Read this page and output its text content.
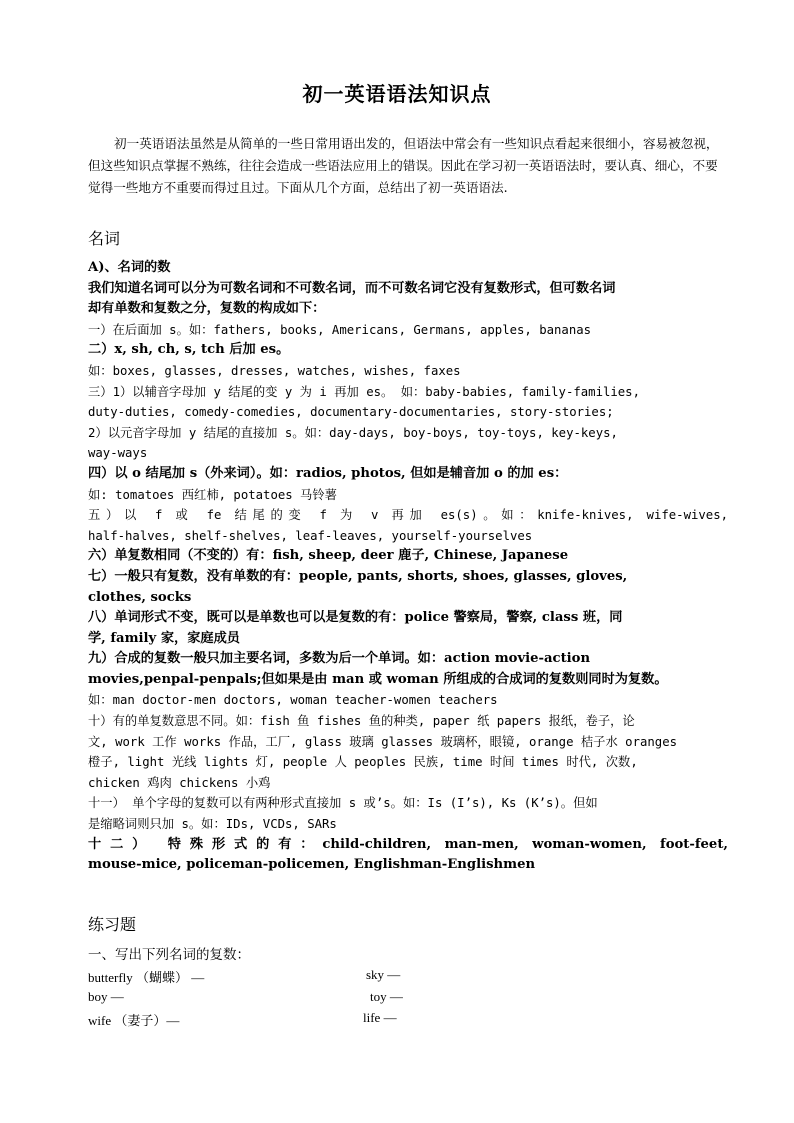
初一英语语法知识点
初一英语语法虽然是从简单的一些日常用语出发的，但语法中常会有一些知识点看起来很细小，容易被忽视，但这些知识点掌握不熟练，往往会造成一些语法应用上的错误。因此在学习初一英语语法时，要认真、细心，不要觉得一些地方不重要而得过且过。下面从几个方面，总结出了初一英语语法.
名词
A)、名词的数
我们知道名词可以分为可数名词和不可数名词，而不可数名词它没有复数形式，但可数名词
却有单数和复数之分，复数的构成如下：
一）在后面加 s。如：fathers, books, Americans, Germans, apples, bananas
二）x, sh, ch, s, tch 后加 es。
如：boxes, glasses, dresses, watches, wishes, faxes
三）1）以辅音字母加 y 结尾的变 y 为 i 再加 es。 如：baby-babies, family-families,
duty-duties, comedy-comedies, documentary-documentaries, story-stories;
2）以元音字母加 y 结尾的直接加 s。如：day-days, boy-boys, toy-toys, key-keys,
way-ways
四）以 o 结尾加 s（外来词）。如：radios, photos, 但如是辅音加 o 的加 es：
如: tomatoes 西红柿, potatoes 马铃薯
五）以 f 或 fe 结尾的变 f 为 v 再加 es(s)。如：knife-knives, wife-wives,
half-halves, shelf-shelves, leaf-leaves, yourself-yourselves
六）单复数相同（不变的）有：fish, sheep, deer 鹿子, Chinese, Japanese
七）一般只有复数，没有单数的有：people, pants, shorts, shoes, glasses, gloves,
clothes, socks
八）单词形式不变，既可以是单数也可以是复数的有：police 警察局，警察, class 班，同
学, family 家，家庭成员
九）合成的复数一般只加主要名词，多数为后一个单词。如：action movie-action
movies,penpal-penpals;但如果是由 man 或 woman 所组成的合成词的复数则同时为复数。
如：man doctor-men doctors, woman teacher-women teachers
十）有的单复数意思不同。如：fish 鱼 fishes 鱼的种类, paper 纸 papers 报纸，卷子，论
文, work 工作 works 作品，工厂, glass 玻璃 glasses 玻璃杯，眼镜, orange 桔子水 oranges
橙子, light 光线 lights 灯, people 人 peoples 民族, time 时间 times 时代, 次数,
chicken 鸡肉 chickens 小鸡
十一） 单个字母的复数可以有两种形式直接加 s 或’s。如：Is (I’s), Ks (K’s)。但如
是缩略词则只加 s。如：IDs, VCDs, SARs
十二） 特殊形式的有：child-children, man-men, woman-women, foot-feet,
mouse-mice, policeman-policemen, Englishman-Englishmen
练习题
一、写出下列名词的复数：
butterfly （蝴蝶） —	sky —
boy —	toy —
wife （妻子）—	life —
